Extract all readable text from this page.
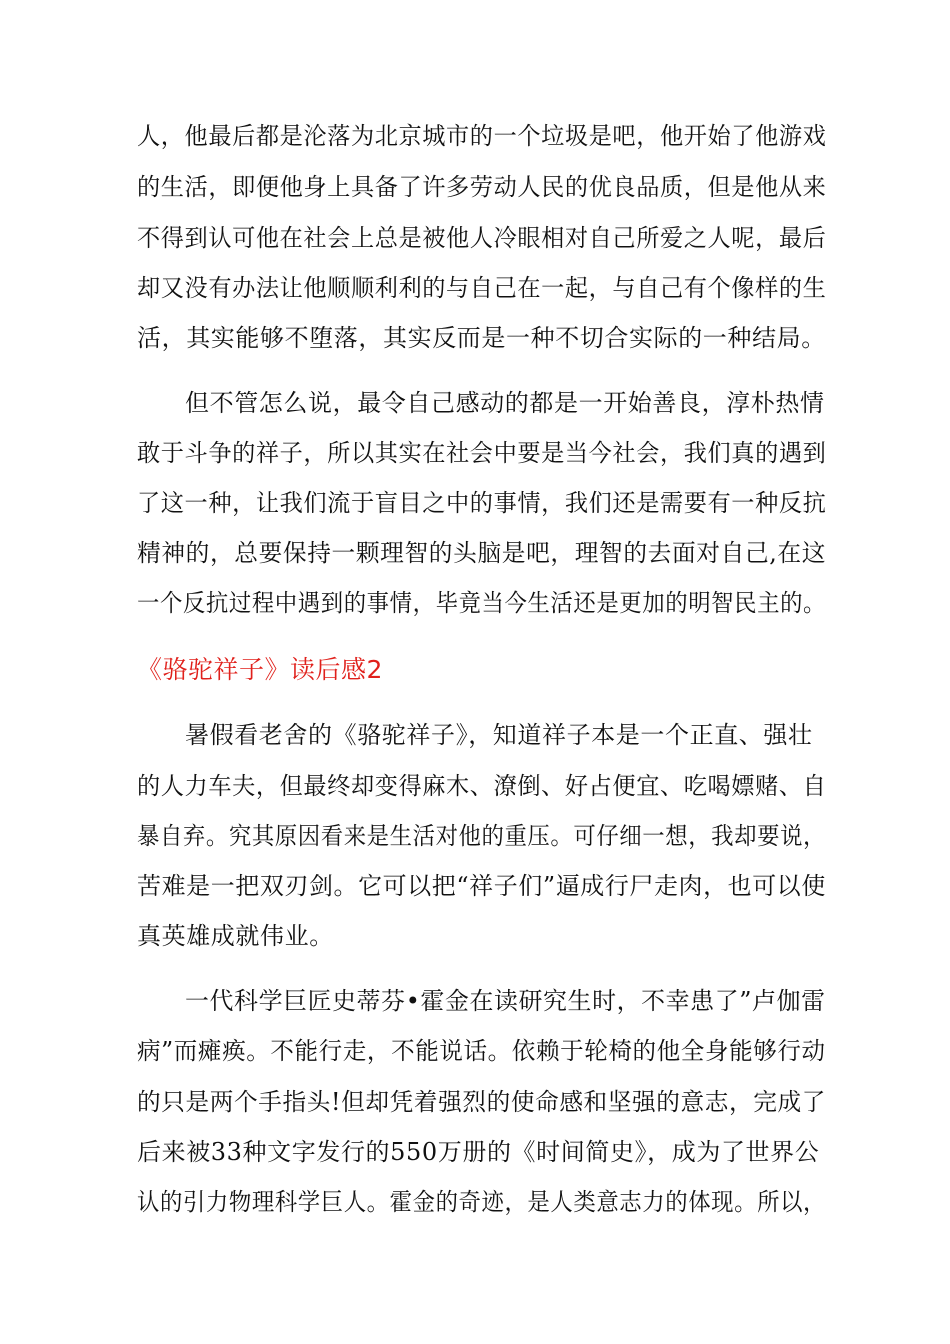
人，他最后都是沦落为北京城市的一个垃圾是吧，他开始了他游戏
的生活，即便他身上具备了许多劳动人民的优良品质，但是他从来
不得到认可他在社会上总是被他人冷眼相对自己所爱之人呢，最后
却又没有办法让他顺顺利利的与自己在一起，与自己有个像样的生
活，其实能够不堕落，其实反而是一种不切合实际的一种结局。
但不管怎么说，最令自己感动的都是一开始善良，淳朴热情
敢于斗争的祥子，所以其实在社会中要是当今社会，我们真的遇到
了这一种，让我们流于盲目之中的事情，我们还是需要有一种反抗
精神的，总要保持一颗理智的头脑是吧，理智的去面对自己,在这
一个反抗过程中遇到的事情，毕竟当今生活还是更加的明智民主的。
《骆驼祥子》读后感2
暑假看老舍的《骆驼祥子》，知道祥子本是一个正直、强壮
的人力车夫，但最终却变得麻木、潦倒、好占便宜、吃喝嫖赌、自
暴自弃。究其原因看来是生活对他的重压。可仔细一想，我却要说，
苦难是一把双刃剑。它可以把“祥子们”逼成行尸走肉，也可以使
真英雄成就伟业。
一代科学巨匠史蒂芬•霍金在读研究生时，不幸患了”卢伽雷
病”而瘫痪。不能行走，不能说话。依赖于轮椅的他全身能够行动
的只是两个手指头!但却凭着强烈的使命感和坚强的意志，完成了
后来被33种文字发行的550万册的《时间简史》，成为了世界公
认的引力物理科学巨人。霍金的奇迹，是人类意志力的体现。所以，
